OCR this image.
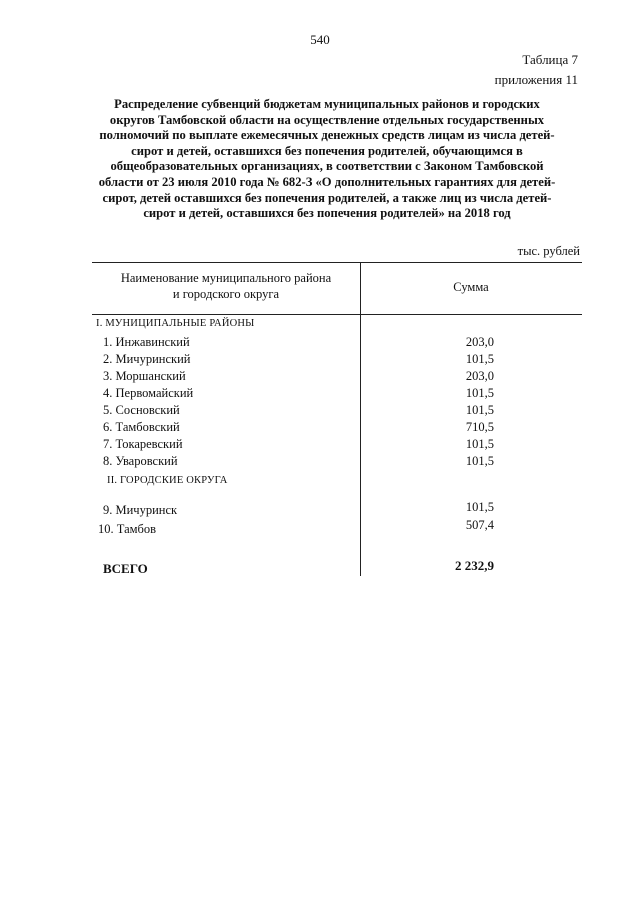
540
Таблица 7
приложения 11
Распределение субвенций бюджетам муниципальных районов и городских
округов Тамбовской области на осуществление отдельных государственных
полномочий по выплате ежемесячных денежных средств лицам из числа детей-
сирот и детей, оставшихся без попечения родителей, обучающимся в
общеобразовательных организациях, в соответствии с Законом Тамбовской
области от 23 июля 2010 года № 682-З «О дополнительных гарантиях для детей-
сирот, детей оставшихся без попечения родителей, а также лиц из числа детей-
сирот и детей, оставшихся без попечения родителей» на 2018 год
тыс. рублей
Наименование муниципального района
и городского округа	Сумма
I. МУНИЦИПАЛЬНЫЕ РАЙОНЫ
1. Инжавинский	203,0
2. Мичуринский	101,5
3. Моршанский	203,0
4. Первомайский	101,5
5. Сосновский	101,5
6. Тамбовский	710,5
7. Токаревский	101,5
8. Уваровский	101,5
II. ГОРОДСКИЕ ОКРУГА
9. Мичуринск	101,5
10. Тамбов	507,4
ВСЕГО	2 232,9
